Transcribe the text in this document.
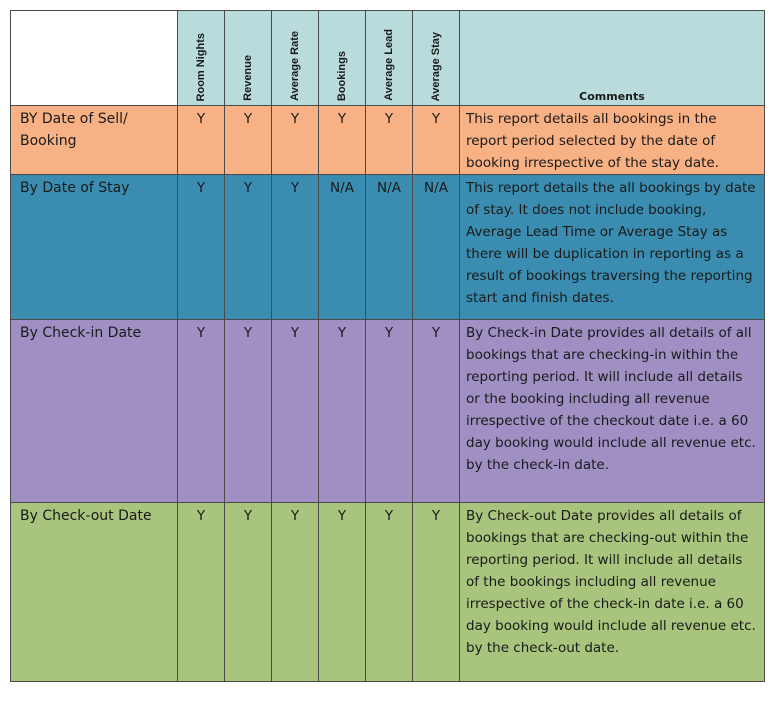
	Room Nights	Revenue	Average Rate	Bookings	Average Lead	Average Stay	Comments

BY Date of Sell/ Booking	Y	Y	Y	Y	Y	Y	This report details all bookings in the report period selected by the date of booking irrespective of the stay date.
By Date of Stay	Y	Y	Y	N/A	N/A	N/A	This report details the all bookings by date of stay. It does not include booking, Average Lead Time or Average Stay as there will be duplication in reporting as a result of bookings traversing the reporting start and finish dates.
By Check-in Date	Y	Y	Y	Y	Y	Y	By Check-in Date provides all details of all bookings that are checking-in within the reporting period. It will include all details or the booking including all revenue irrespective of the checkout date i.e. a 60 day booking would include all revenue etc. by the check-in date.
By Check-out Date	Y	Y	Y	Y	Y	Y	By Check-out Date provides all details of bookings that are checking-out within the reporting period. It will include all details of the bookings including all revenue irrespective of the check-in date i.e. a 60 day booking would include all revenue etc. by the check-out date.
